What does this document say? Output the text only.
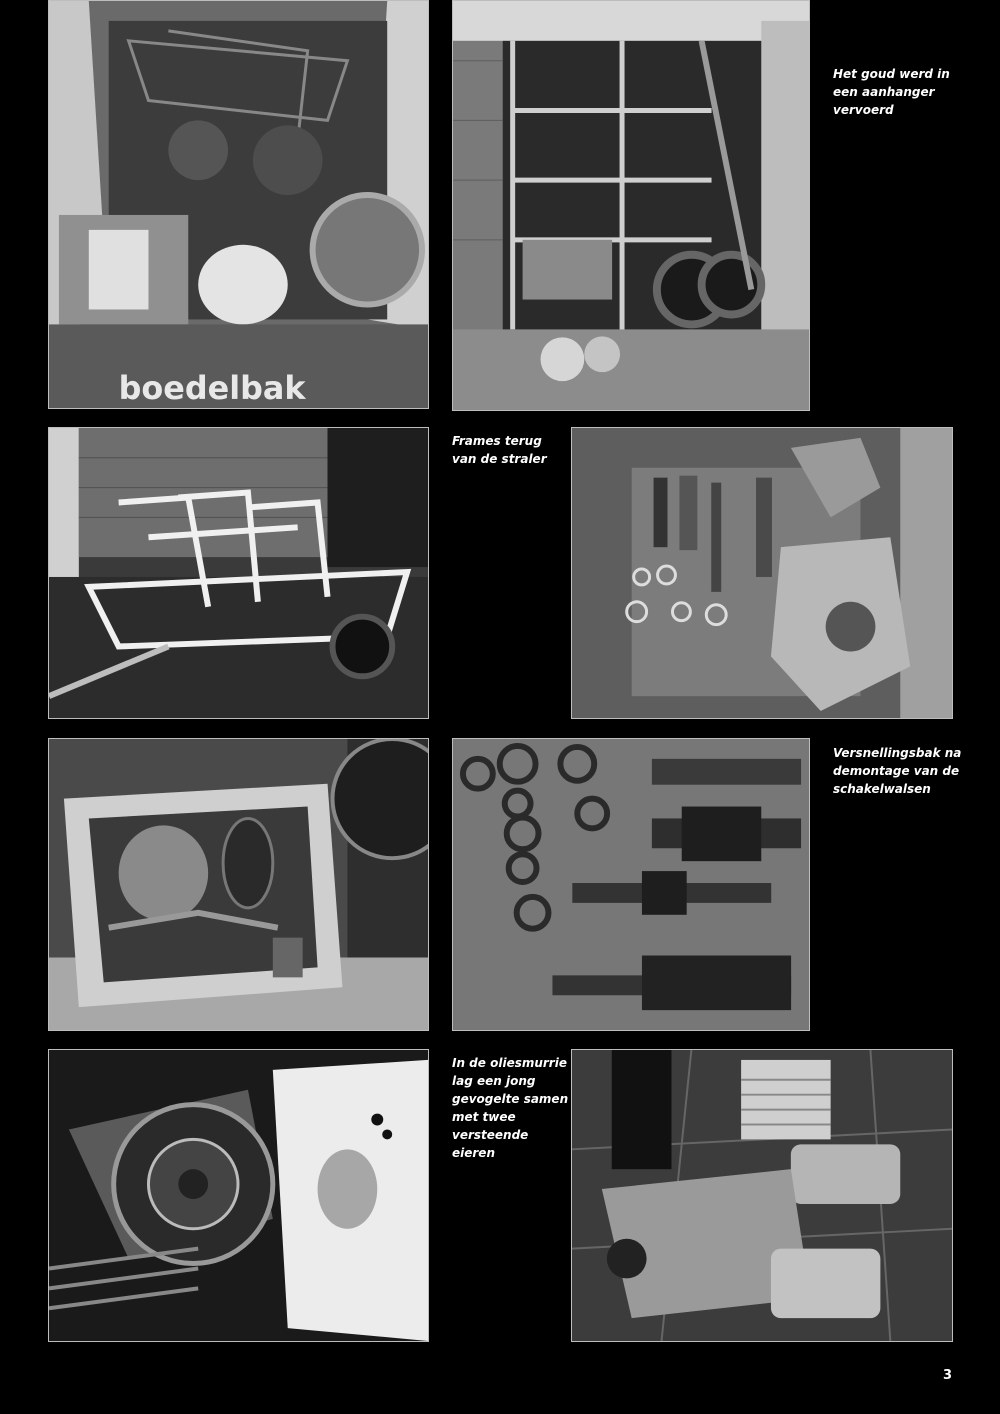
boedelbak
Het goud werd in
een aanhanger
vervoerd
Frames terug
van de straler
Versnellingsbak na
demontage van de
schakelwalsen
In de oliesmurrie
lag een jong
gevogelte samen
met twee
versteende
eieren
3
